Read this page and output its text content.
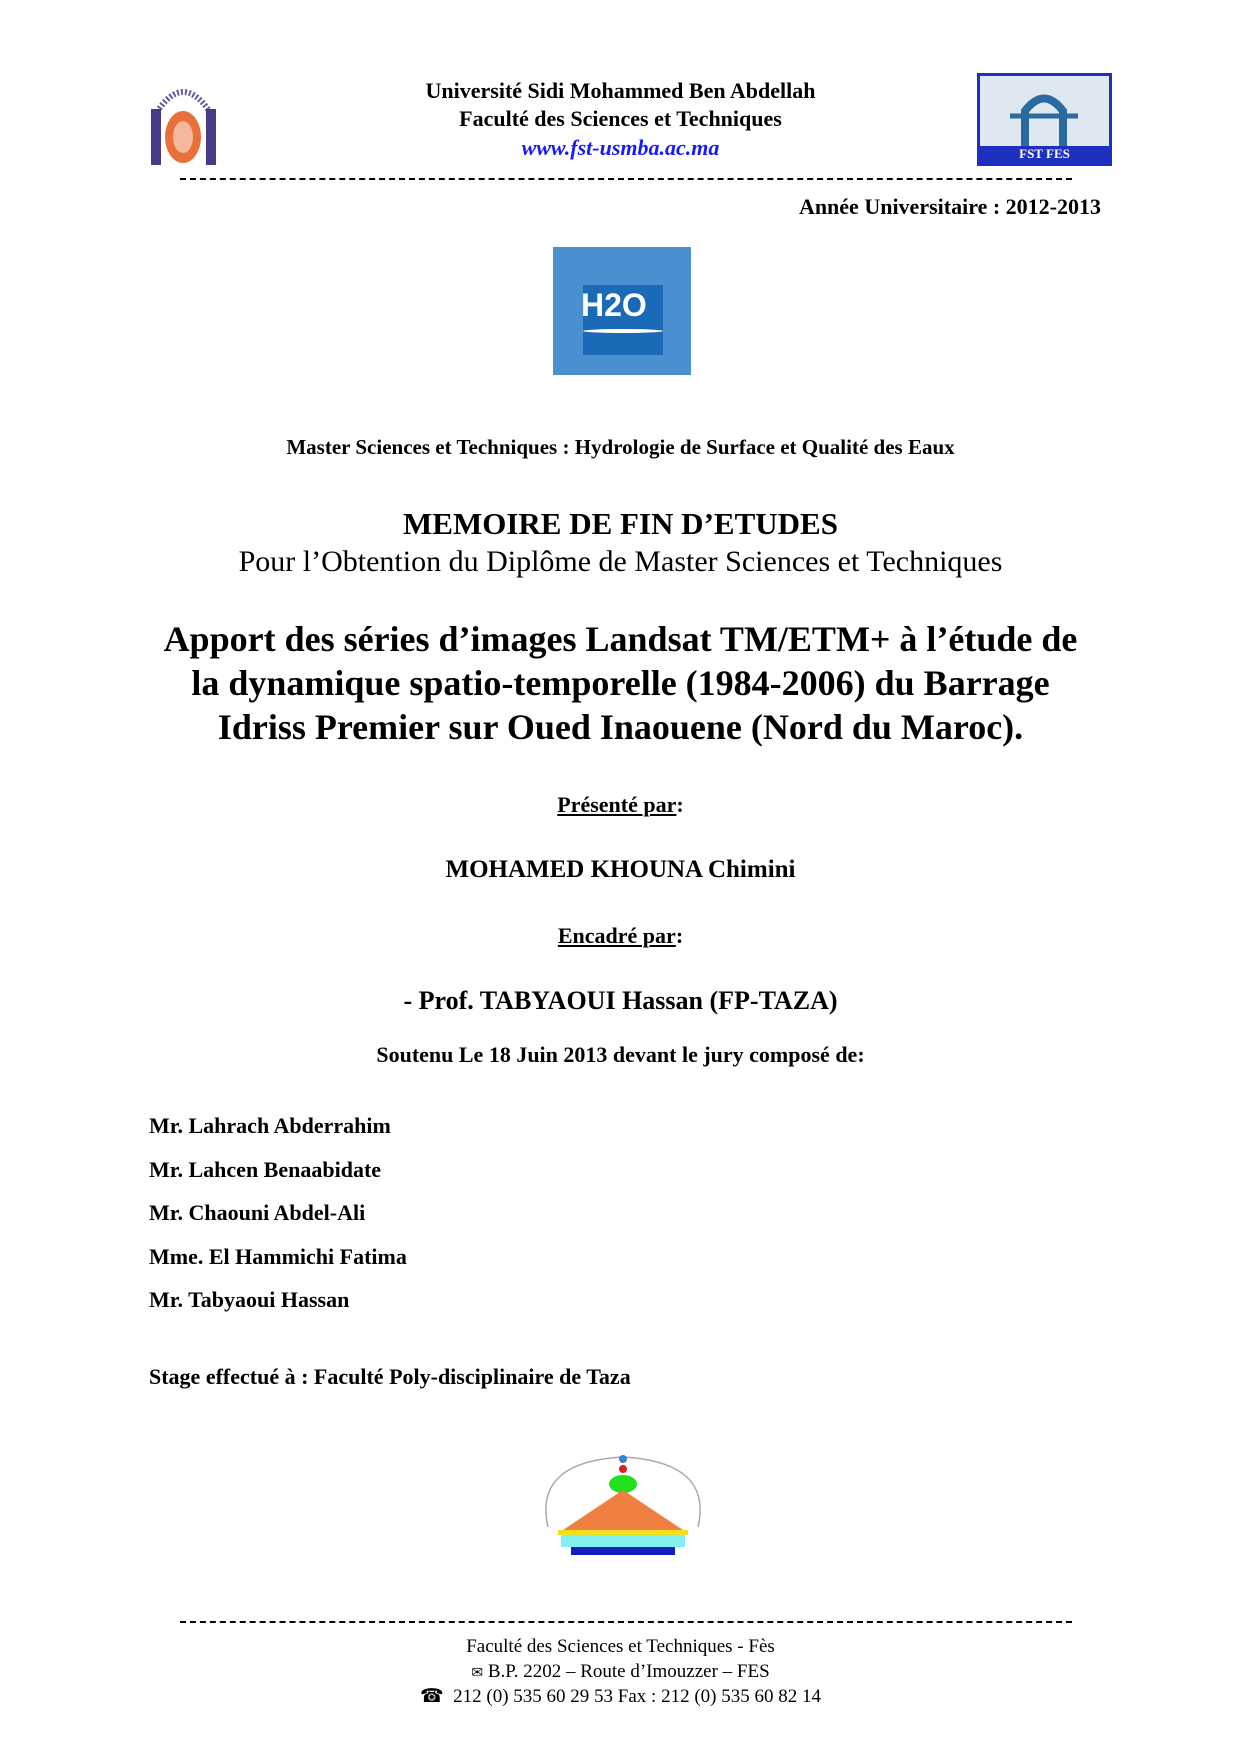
Université Sidi Mohammed Ben Abdellah
Faculté des Sciences et Techniques
www.fst-usmba.ac.ma	FST FES
Année Universitaire : 2012-2013
H2O
Master Sciences et Techniques : Hydrologie de Surface et Qualité des Eaux
MEMOIRE DE FIN D’ETUDES
Pour l’Obtention du Diplôme de Master Sciences et Techniques
Apport des séries d’images Landsat TM/ETM+ à l’étude de
la dynamique spatio-temporelle (1984-2006) du Barrage
Idriss Premier sur Oued Inaouene (Nord du Maroc).
Présenté par:
MOHAMED KHOUNA Chimini
Encadré par:
- Prof. TABYAOUI Hassan (FP-TAZA)
Soutenu Le 18 Juin 2013 devant le jury composé de:
Mr. Lahrach Abderrahim
Mr. Lahcen Benaabidate
Mr. Chaouni Abdel-Ali
Mme. El Hammichi Fatima
Mr. Tabyaoui Hassan
Stage effectué à : Faculté Poly-disciplinaire de Taza
Faculté des Sciences et Techniques - Fès
✉ B.P. 2202 – Route d’Imouzzer – FES
☎ 212 (0) 535 60 29 53 Fax : 212 (0) 535 60 82 14
